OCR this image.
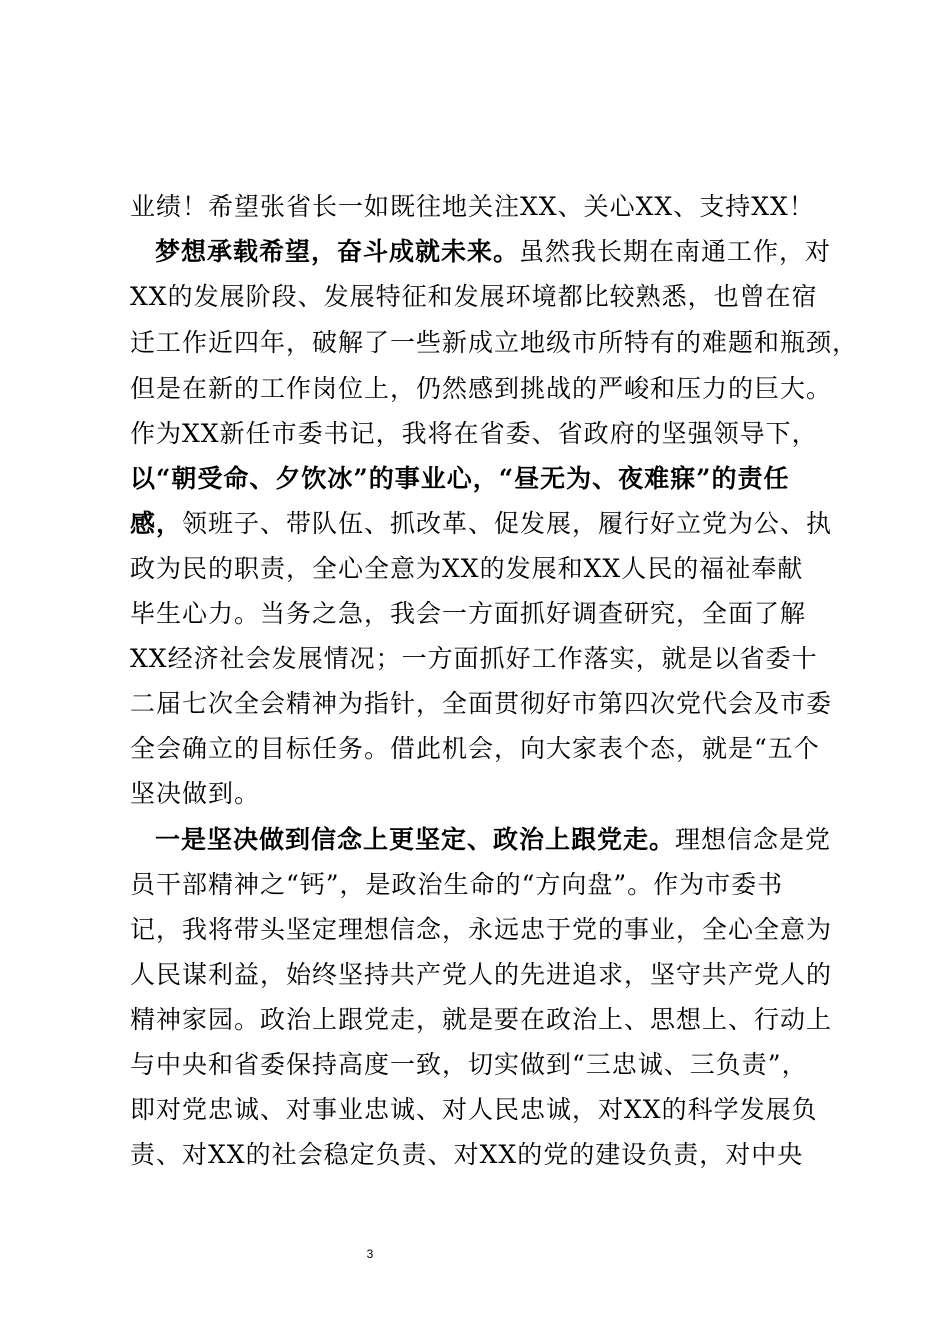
业绩！希望张省长一如既往地关注XX、关心XX、支持XX！
梦想承载希望，奋斗成就未来。虽然我长期在南通工作，对
XX的发展阶段、发展特征和发展环境都比较熟悉，也曾在宿
迁工作近四年，破解了一些新成立地级市所特有的难题和瓶颈，
但是在新的工作岗位上，仍然感到挑战的严峻和压力的巨大。
作为XX新任市委书记，我将在省委、省政府的坚强领导下，
以“朝受命、夕饮冰”的事业心，“昼无为、夜难寐”的责任
感，领班子、带队伍、抓改革、促发展，履行好立党为公、执
政为民的职责，全心全意为XX的发展和XX人民的福祉奉献
毕生心力。当务之急，我会一方面抓好调查研究，全面了解
XX经济社会发展情况；一方面抓好工作落实，就是以省委十
二届七次全会精神为指针，全面贯彻好市第四次党代会及市委
全会确立的目标任务。借此机会，向大家表个态，就是“五个
坚决做到。
一是坚决做到信念上更坚定、政治上跟党走。理想信念是党
员干部精神之“钙”，是政治生命的“方向盘”。作为市委书
记，我将带头坚定理想信念，永远忠于党的事业，全心全意为
人民谋利益，始终坚持共产党人的先进追求，坚守共产党人的
精神家园。政治上跟党走，就是要在政治上、思想上、行动上
与中央和省委保持高度一致，切实做到“三忠诚、三负责”，
即对党忠诚、对事业忠诚、对人民忠诚，对XX的科学发展负
责、对XX的社会稳定负责、对XX的党的建设负责，对中央
3
